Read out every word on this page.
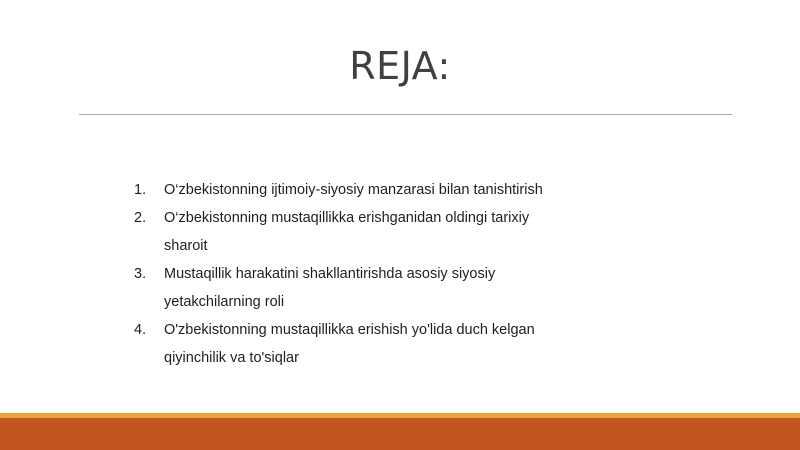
REJA:
1.	O‘zbekistonning ijtimoiy-siyosiy manzarasi bilan tanishtirish
2.	O‘zbekistonning mustaqillikka erishganidan oldingi tarixiy sharoit
3.	Mustaqillik harakatini shakllantirishda asosiy siyosiy yetakchilarning roli
4.	O'zbekistonning mustaqillikka erishish yo'lida duch kelgan qiyinchilik va to'siqlar
